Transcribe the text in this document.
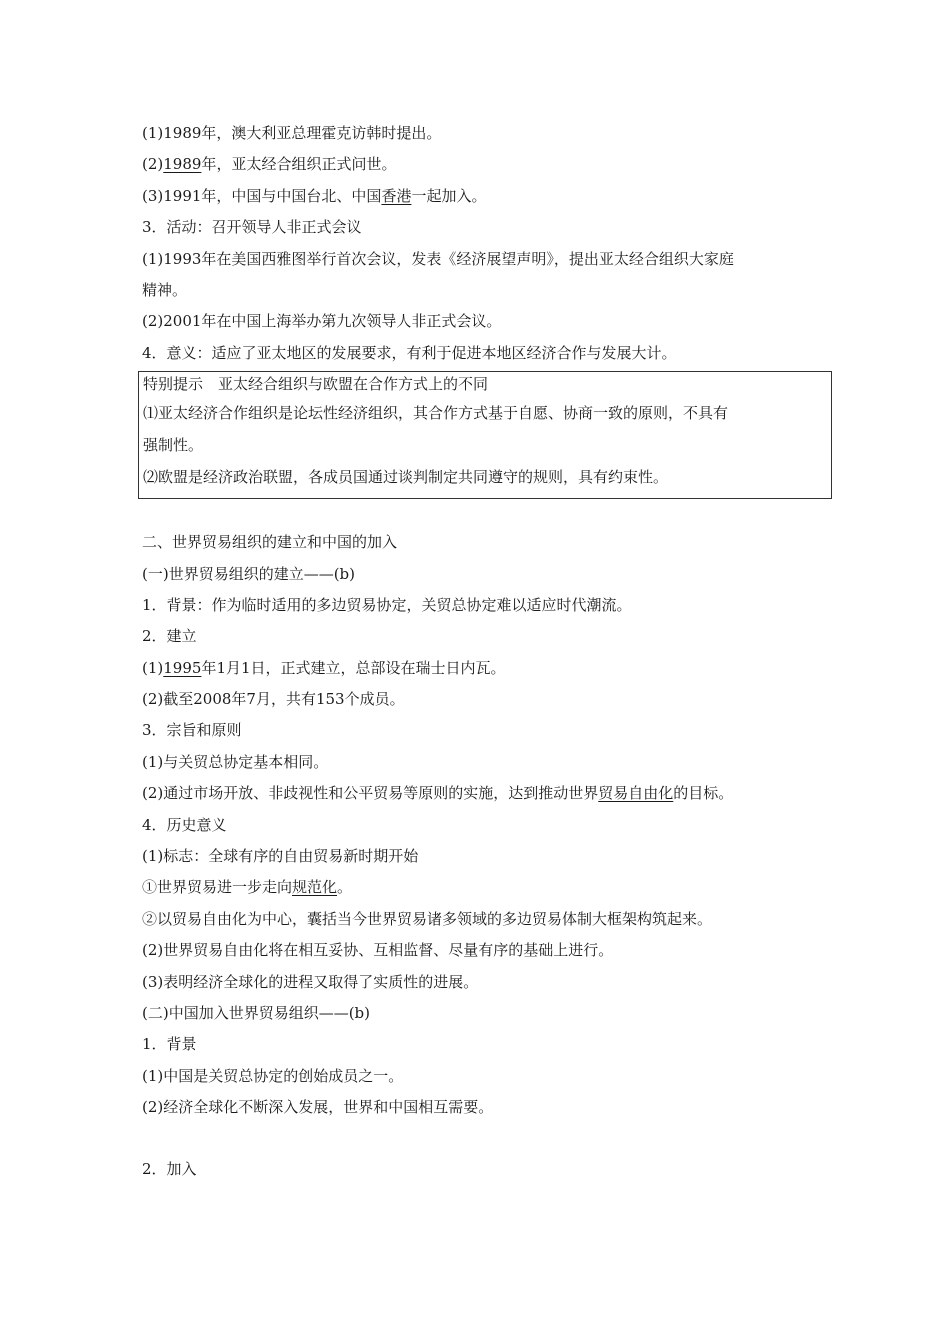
(1)1989年，澳大利亚总理霍克访韩时提出。

(2)1989年，亚太经合组织正式问世。

(3)1991年，中国与中国台北、中国香港一起加入。

3．活动：召开领导人非正式会议

(1)1993年在美国西雅图举行首次会议，发表《经济展望声明》，提出亚太经合组织大家庭

精神。

(2)2001年在中国上海举办第九次领导人非正式会议。

4．意义：适应了亚太地区的发展要求，有利于促进本地区经济合作与发展大计。

特别提示　亚太经合组织与欧盟在合作方式上的不同

⑴亚太经济合作组织是论坛性经济组织，其合作方式基于自愿、协商一致的原则，不具有

强制性。

⑵欧盟是经济政治联盟，各成员国通过谈判制定共同遵守的规则，具有约束性。

二、世界贸易组织的建立和中国的加入

(一)世界贸易组织的建立——(b)

1．背景：作为临时适用的多边贸易协定，关贸总协定难以适应时代潮流。

2．建立

(1)1995年1月1日，正式建立，总部设在瑞士日内瓦。

(2)截至2008年7月，共有153个成员。

3．宗旨和原则

(1)与关贸总协定基本相同。

(2)通过市场开放、非歧视性和公平贸易等原则的实施，达到推动世界贸易自由化的目标。

4．历史意义

(1)标志：全球有序的自由贸易新时期开始

①世界贸易进一步走向规范化。

②以贸易自由化为中心，囊括当今世界贸易诸多领域的多边贸易体制大框架构筑起来。

(2)世界贸易自由化将在相互妥协、互相监督、尽量有序的基础上进行。

(3)表明经济全球化的进程又取得了实质性的进展。

(二)中国加入世界贸易组织——(b)

1．背景

(1)中国是关贸总协定的创始成员之一。

(2)经济全球化不断深入发展，世界和中国相互需要。

2．加入
